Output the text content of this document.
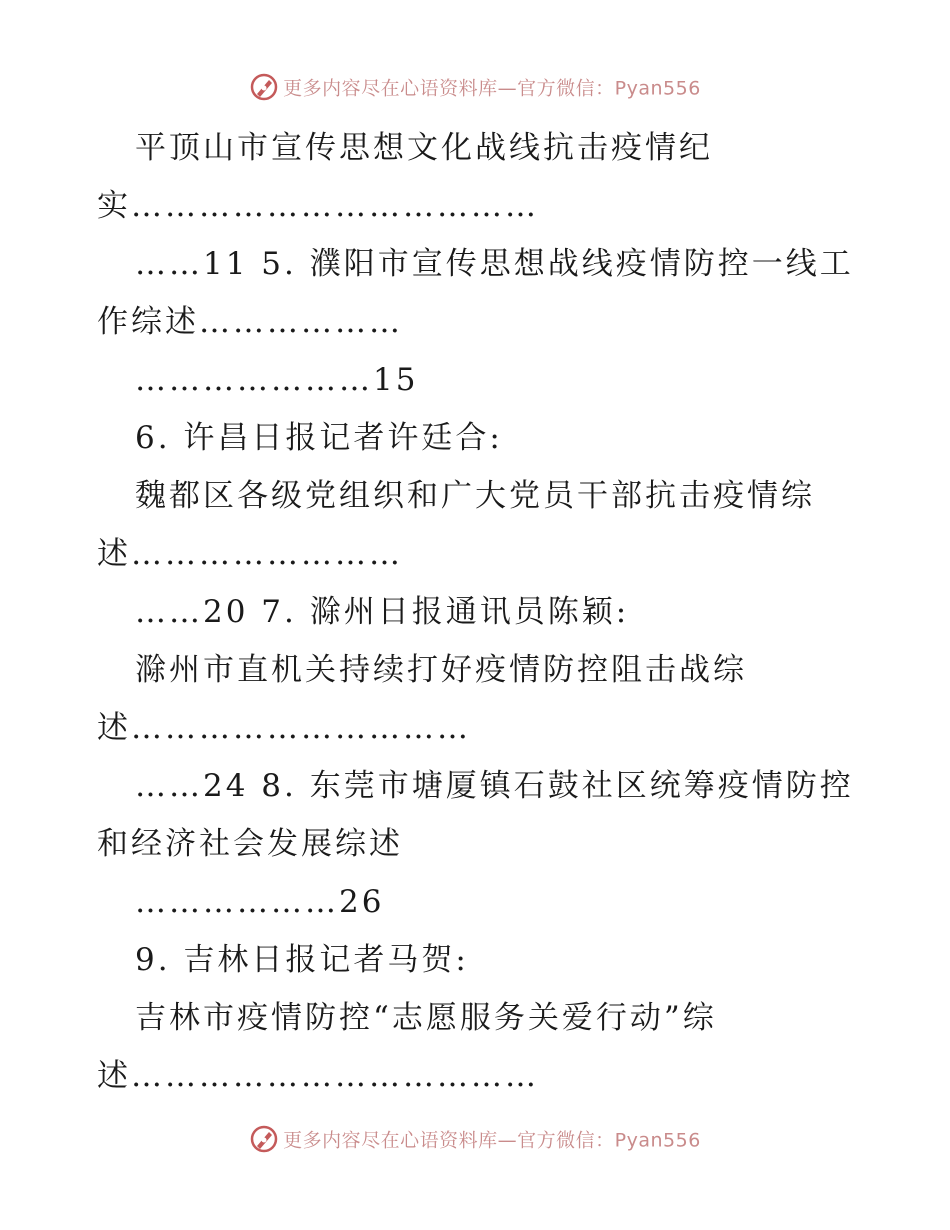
更多内容尽在心语资料库—官方微信：Pyan556
平顶山市宣传思想文化战线抗击疫情纪
实………………………………
……11 5. 濮阳市宣传思想战线疫情防控一线工
作综述………………
…………………15
6. 许昌日报记者许廷合:
魏都区各级党组织和广大党员干部抗击疫情综
述……………………
……20 7. 滁州日报通讯员陈颖:
滁州市直机关持续打好疫情防控阻击战综
述…………………………
……24 8. 东莞市塘厦镇石鼓社区统筹疫情防控
和经济社会发展综述
………………26
9. 吉林日报记者马贺:
吉林市疫情防控“志愿服务关爱行动”综
述………………………………
更多内容尽在心语资料库—官方微信：Pyan556
